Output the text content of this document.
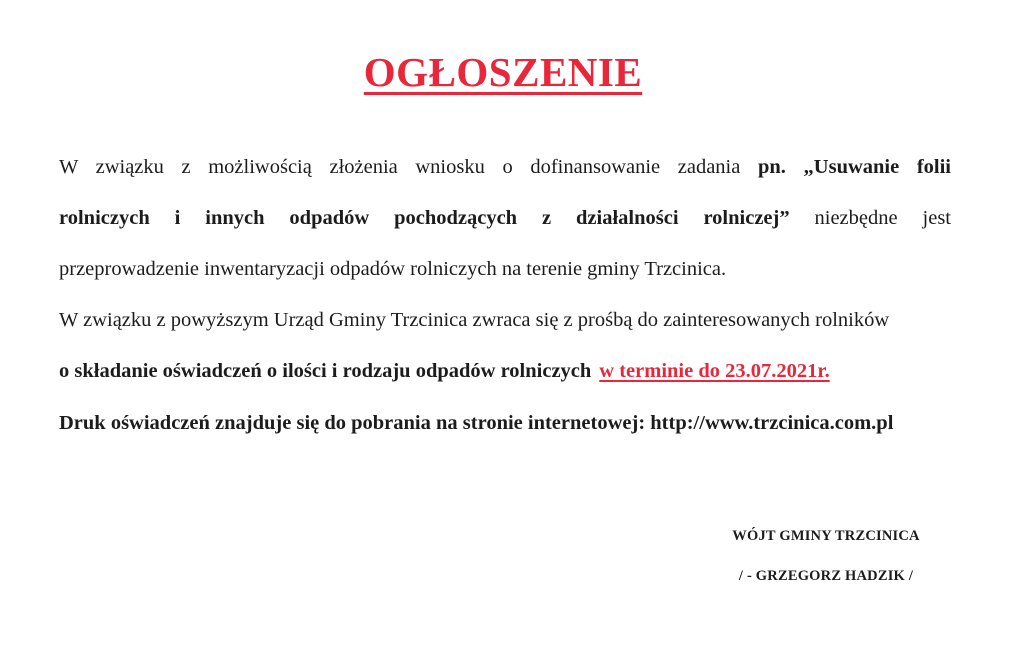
OGŁOSZENIE
W związku z możliwością złożenia wniosku o dofinansowanie zadania pn. „Usuwanie folii
rolniczych i innych odpadów pochodzących z działalności rolniczej” niezbędne jest
przeprowadzenie inwentaryzacji odpadów rolniczych na terenie gminy Trzcinica.
W związku z powyższym Urząd Gminy Trzcinica zwraca się z prośbą do zainteresowanych rolników
o składanie oświadczeń o ilości i rodzaju odpadów rolniczych w terminie do 23.07.2021r.
Druk oświadczeń znajduje się do pobrania na stronie internetowej: http://www.trzcinica.com.pl
WÓJT GMINY TRZCINICA
/ - GRZEGORZ HADZIK /
